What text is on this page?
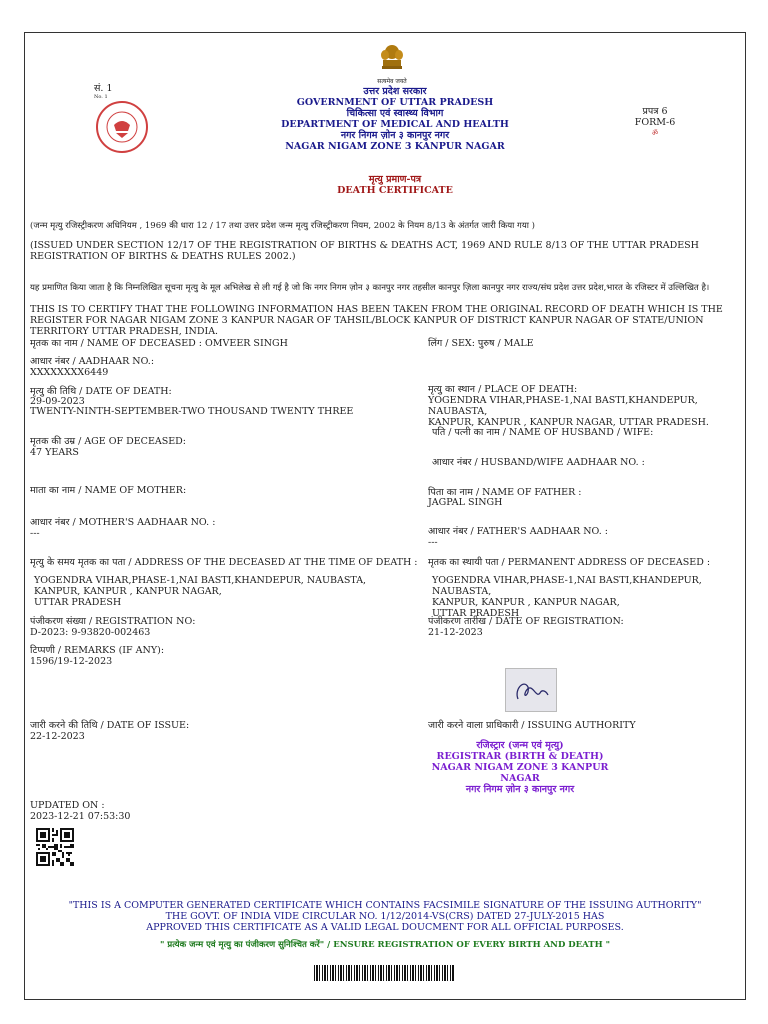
सं. 1
No. 1
सत्यमेव जयते
उत्तर प्रदेश सरकार
GOVERNMENT OF UTTAR PRADESH
चिकित्सा एवं स्वास्थ्य विभाग
DEPARTMENT OF MEDICAL AND HEALTH
नगर निगम ज़ोन ३ कानपुर नगर
NAGAR NIGAM ZONE 3 KANPUR NAGAR
प्रपत्र 6
FORM-6
ॐ
मृत्यु प्रमाण-पत्र
DEATH CERTIFICATE
(जन्म मृत्यु रजिस्ट्रीकरण अधिनियम , 1969 की धारा 12 / 17 तथा उत्तर प्रदेश जन्म मृत्यु रजिस्ट्रीकरण नियम, 2002 के नियम 8/13 के अंतर्गत जारी किया गया )
(ISSUED UNDER SECTION 12/17 OF THE REGISTRATION OF BIRTHS & DEATHS ACT, 1969 AND RULE 8/13 OF THE UTTAR PRADESH REGISTRATION OF BIRTHS & DEATHS RULES 2002.)
यह प्रमाणित किया जाता है कि निम्नलिखित सूचना मृत्यु के मूल अभिलेख से ली गई है जो कि नगर निगम ज़ोन ३ कानपुर नगर तहसील कानपुर ज़िला कानपुर नगर राज्य/संघ प्रदेश उत्तर प्रदेश,भारत के रजिस्टर में उल्लिखित है।
THIS IS TO CERTIFY THAT THE FOLLOWING INFORMATION HAS BEEN TAKEN FROM THE ORIGINAL RECORD OF DEATH WHICH IS THE REGISTER FOR NAGAR NIGAM ZONE 3 KANPUR NAGAR OF TAHSIL/BLOCK KANPUR OF DISTRICT KANPUR NAGAR OF STATE/UNION TERRITORY UTTAR PRADESH, INDIA.
मृतक का नाम / NAME OF DECEASED : OMVEER SINGH
आधार नंबर / AADHAAR NO.:
XXXXXXXX6449
मृत्यु की तिथि / DATE OF DEATH:
29-09-2023
TWENTY-NINTH-SEPTEMBER-TWO THOUSAND TWENTY THREE
मृतक की उम्र / AGE OF DECEASED:
47 YEARS
माता का नाम / NAME OF MOTHER:
आधार नंबर / MOTHER'S AADHAAR NO. :
---
मृत्यु के समय मृतक का पता / ADDRESS OF THE DECEASED AT THE TIME OF DEATH :
YOGENDRA VIHAR,PHASE-1,NAI BASTI,KHANDEPUR, NAUBASTA,
KANPUR, KANPUR , KANPUR NAGAR,
UTTAR PRADESH
पंजीकरण संख्या / REGISTRATION NO:
D-2023: 9-93820-002463
टिप्पणी / REMARKS (IF ANY):
1596/19-12-2023
जारी करने की तिथि / DATE OF ISSUE:
22-12-2023
लिंग / SEX: पुरुष / MALE
मृत्यु का स्थान / PLACE OF DEATH:
YOGENDRA VIHAR,PHASE-1,NAI BASTI,KHANDEPUR, NAUBASTA,
KANPUR, KANPUR , KANPUR NAGAR, UTTAR PRADESH.
पति / पत्नी का नाम / NAME OF HUSBAND / WIFE:
आधार नंबर / HUSBAND/WIFE AADHAAR NO. :
पिता का नाम / NAME OF FATHER :
JAGPAL SINGH
आधार नंबर / FATHER'S AADHAAR NO. :
---
मृतक का स्थायी पता / PERMANENT ADDRESS OF DECEASED :
YOGENDRA VIHAR,PHASE-1,NAI BASTI,KHANDEPUR, NAUBASTA,
KANPUR, KANPUR , KANPUR NAGAR,
UTTAR PRADESH
पंजीकरण तारीख / DATE OF REGISTRATION:
21-12-2023
जारी करने वाला प्राधिकारी / ISSUING AUTHORITY
रजिस्ट्रार (जन्म एवं मृत्यु)
REGISTRAR (BIRTH & DEATH)
NAGAR NIGAM ZONE 3 KANPUR NAGAR
नगर निगम ज़ोन ३ कानपुर नगर
UPDATED ON :
2023-12-21 07:53:30
"THIS IS A COMPUTER GENERATED CERTIFICATE WHICH CONTAINS FACSIMILE SIGNATURE OF THE ISSUING AUTHORITY"
THE GOVT. OF INDIA VIDE CIRCULAR NO. 1/12/2014-VS(CRS) DATED 27-JULY-2015 HAS
APPROVED THIS CERTIFICATE AS A VALID LEGAL DOUCMENT FOR ALL OFFICIAL PURPOSES.
" प्रत्येक जन्म एवं मृत्यु का पंजीकरण सुनिश्चित करें" / ENSURE REGISTRATION OF EVERY BIRTH AND DEATH "
